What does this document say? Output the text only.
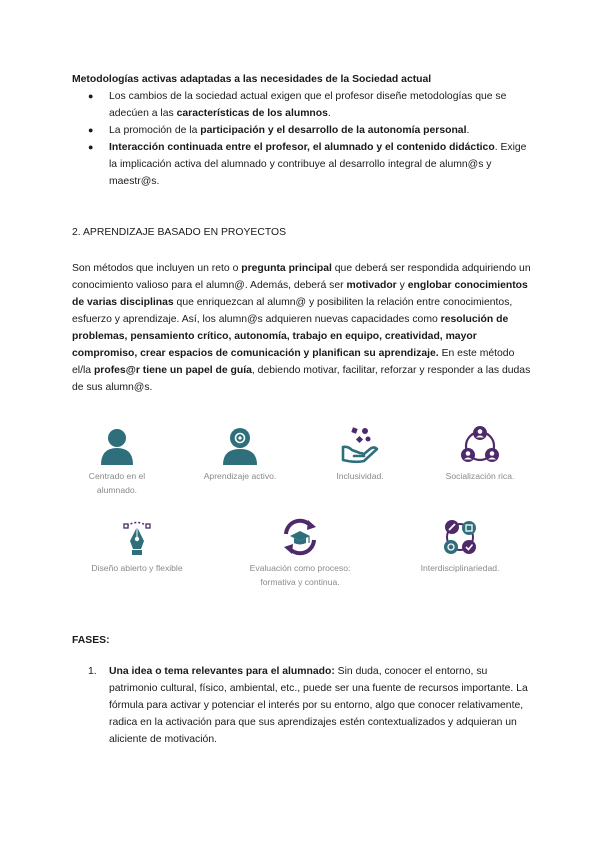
Metodologías activas adaptadas a las necesidades de la Sociedad actual
● Los cambios de la sociedad actual exigen que el profesor diseñe metodologías que se adecúen a las características de los alumnos.
● La promoción de la participación y el desarrollo de la autonomía personal.
● Interacción continuada entre el profesor, el alumnado y el contenido didáctico. Exige la implicación activa del alumnado y contribuye al desarrollo integral de alumn@s y maestr@s.
2. APRENDIZAJE BASADO EN PROYECTOS
Son métodos que incluyen un reto o pregunta principal que deberá ser respondida adquiriendo un conocimiento valioso para el alumn@. Además, deberá ser motivador y englobar conocimientos de varias disciplinas que enriquezcan al alumn@ y posibiliten la relación entre conocimientos, esfuerzo y aprendizaje. Así, los alumn@s adquieren nuevas capacidades como resolución de problemas, pensamiento crítico, autonomía, trabajo en equipo, creatividad, mayor compromiso, crear espacios de comunicación y planifican su aprendizaje. En este método el/la profes@r tiene un papel de guía, debiendo motivar, facilitar, reforzar y responder a las dudas de sus alumn@s.
Centrado en el alumnado.
Aprendizaje activo.	Inclusividad.	Socialización rica.
Diseño abierto y flexible	Evaluación como proceso: formativa y continua.
Interdisciplinariedad.
FASES:
1. Una idea o tema relevantes para el alumnado: Sin duda, conocer el entorno, su patrimonio cultural, físico, ambiental, etc., puede ser una fuente de recursos importante. La fórmula para activar y potenciar el interés por su entorno, algo que conocer relativamente, radica en la activación para que sus aprendizajes estén contextualizados y adquieran un aliciente de motivación.
